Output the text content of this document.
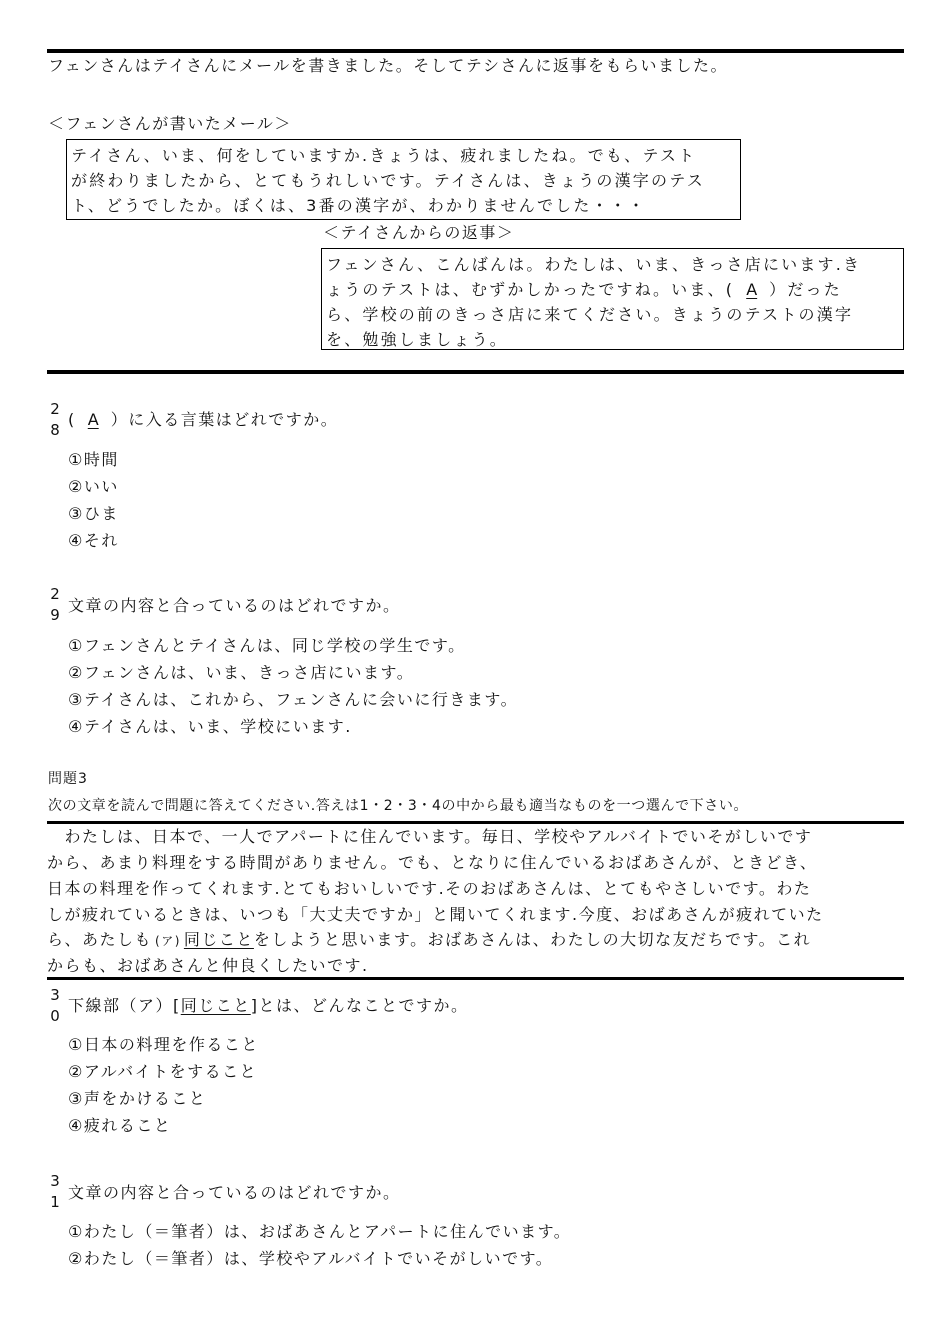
フェンさんはテイさんにメールを書きました。そしてテシさんに返事をもらいました。
＜フェンさんが書いたメール＞
テイさん、いま、何をしていますか.きょうは、疲れましたね。でも、テスト
が終わりましたから、とてもうれしいです。テイさんは、きょうの漢字のテス
ト、どうでしたか。ぼくは、3番の漢字が、わかりませんでした・・・
＜テイさんからの返事＞
フェンさん、こんばんは。わたしは、いま、きっさ店にいます.き
ょうのテストは、むずかしかったですね。いま、( A ）だった
ら、学校の前のきっさ店に来てください。きょうのテストの漢字
を、勉強しましょう。
2
8
( A ）に入る言葉はどれですか。
①時間
②いい
③ひま
④それ
2
9 文章の内容と合っているのはどれですか。
①フェンさんとテイさんは、同じ学校の学生です。
②フェンさんは、いま、きっさ店にいます。
③テイさんは、これから、フェンさんに会いに行きます。
④テイさんは、いま、学校にいます.
問題3
次の文章を読んで問題に答えてください.答えは1・2・3・4の中から最も適当なものを一つ選んで下さい。
　わたしは、日本で、一人でアパートに住んでいます。毎日、学校やアルバイトでいそがしいです
から、あまり料理をする時間がありません。でも、となりに住んでいるおばあさんが、ときどき、
日本の料理を作ってくれます.とてもおいしいです.そのおばあさんは、とてもやさしいです。わた
しが疲れているときは、いつも「大丈夫ですか」と聞いてくれます.今度、おばあさんが疲れていた
ら、あたしも (ア) 同じことをしようと思います。おばあさんは、わたしの大切な友だちです。これ
からも、おばあさんと仲良くしたいです.
3
0
下線部（ア）[同じこと]とは、どんなことですか。
①日本の料理を作ること
②アルバイトをすること
③声をかけること
④疲れること
3
1 文章の内容と合っているのはどれですか。
①わたし（＝筆者）は、おばあさんとアパートに住んでいます。
②わたし（＝筆者）は、学校やアルバイトでいそがしいです。
